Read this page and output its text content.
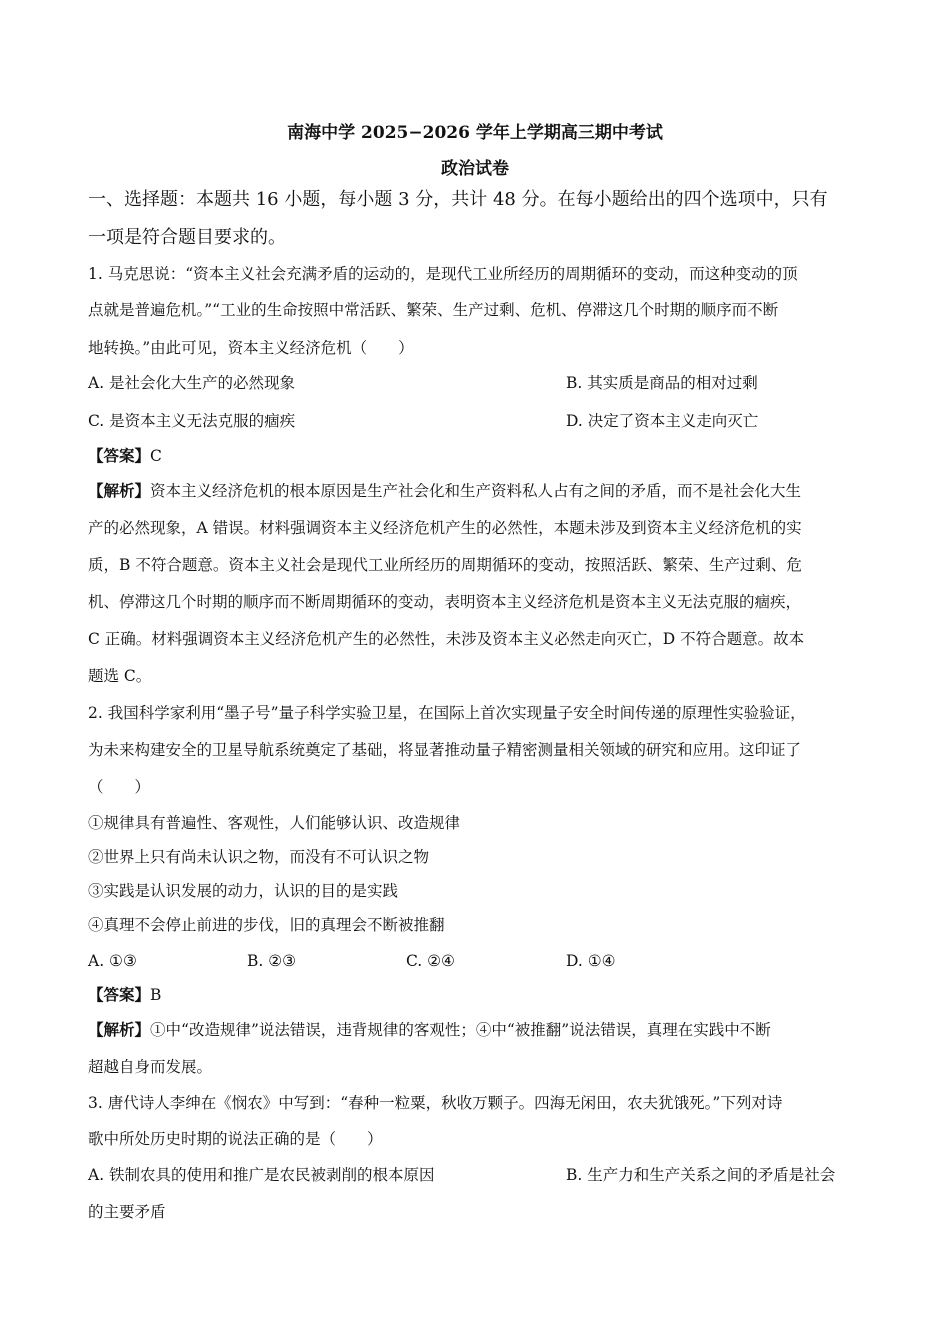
南海中学 2025−2026 学年上学期高三期中考试
政治试卷
一、选择题：本题共 16 小题，每小题 3 分，共计 48 分。在每小题给出的四个选项中，只有
一项是符合题目要求的。
1. 马克思说：“资本主义社会充满矛盾的运动的，是现代工业所经历的周期循环的变动，而这种变动的顶
点就是普遍危机。”“工业的生命按照中常活跃、繁荣、生产过剩、危机、停滞这几个时期的顺序而不断
地转换。”由此可见，资本主义经济危机（　　）
A. 是社会化大生产的必然现象	B. 其实质是商品的相对过剩
C. 是资本主义无法克服的痼疾	D. 决定了资本主义走向灭亡
【答案】C
【解析】资本主义经济危机的根本原因是生产社会化和生产资料私人占有之间的矛盾，而不是社会化大生
产的必然现象，A 错误。材料强调资本主义经济危机产生的必然性，本题未涉及到资本主义经济危机的实
质，B 不符合题意。资本主义社会是现代工业所经历的周期循环的变动，按照活跃、繁荣、生产过剩、危
机、停滞这几个时期的顺序而不断周期循环的变动，表明资本主义经济危机是资本主义无法克服的痼疾，
C 正确。材料强调资本主义经济危机产生的必然性，未涉及资本主义必然走向灭亡，D 不符合题意。故本
题选 C。
2. 我国科学家利用“墨子号”量子科学实验卫星，在国际上首次实现量子安全时间传递的原理性实验验证，
为未来构建安全的卫星导航系统奠定了基础，将显著推动量子精密测量相关领域的研究和应用。这印证了
（　　）
①规律具有普遍性、客观性，人们能够认识、改造规律
②世界上只有尚未认识之物，而没有不可认识之物
③实践是认识发展的动力，认识的目的是实践
④真理不会停止前进的步伐，旧的真理会不断被推翻
A. ①③	B. ②③	C. ②④	D. ①④
【答案】B
【解析】①中“改造规律”说法错误，违背规律的客观性；④中“被推翻”说法错误，真理在实践中不断
超越自身而发展。
3. 唐代诗人李绅在《悯农》中写到：“春种一粒粟，秋收万颗子。四海无闲田，农夫犹饿死。”下列对诗
歌中所处历史时期的说法正确的是（　　）
A. 铁制农具的使用和推广是农民被剥削的根本原因	B. 生产力和生产关系之间的矛盾是社会
的主要矛盾
